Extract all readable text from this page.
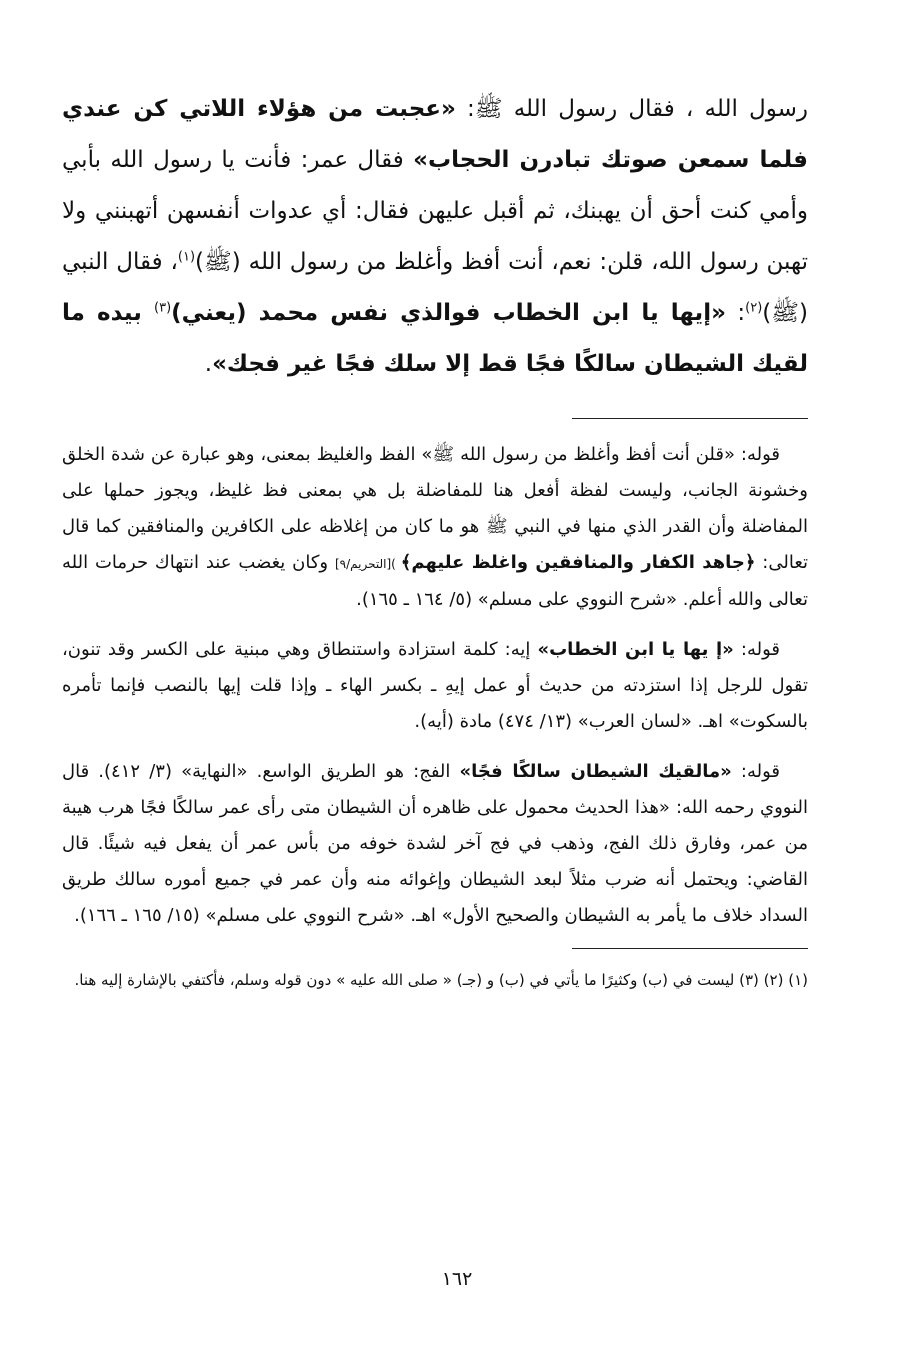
رسول الله ، فقال رسول الله ﷺ: «عجبت من هؤلاء اللاتي كن عندي فلما سمعن صوتك تبادرن الحجاب» فقال عمر: فأنت يا رسول الله بأبي وأمي كنت أحق أن يهبنك، ثم أقبل عليهن فقال: أي عدوات أنفسهن أتهبنني ولا تهبن رسول الله، قلن: نعم، أنت أفظ وأغلظ من رسول الله (ﷺ)$^{(١)}$، فقال النبي (ﷺ)$^{(٢)}$: «إيها يا ابن الخطاب فوالذي نفس محمد (يعني)$^{(٣)}$ بيده ما لقيك الشيطان سالكًا فجًا قط إلا سلك فجًا غير فجك».

قوله: «قلن أنت أفظ وأغلظ من رسول الله ﷺ» الفظ والغليظ بمعنى، وهو عبارة عن شدة الخلق وخشونة الجانب، وليست لفظة أفعل هنا للمفاضلة بل هي بمعنى فظ غليظ، ويجوز حملها على المفاضلة وأن القدر الذي منها في النبي ﷺ هو ما كان من إغلاظه على الكافرين والمنافقين كما قال تعالى: ﴿جاهد الكفار والمنافقين واغلظ عليهم﴾ )[التحريم/٩] وكان يغضب عند انتهاك حرمات الله تعالى والله أعلم. «شرح النووي على مسلم» (٥/ ١٦٤ ـ ١٦٥).

قوله: «إ يها يا ابن الخطاب» إيه: كلمة استزادة واستنطاق وهي مبنية على الكسر وقد تنون، تقول للرجل إذا استزدته من حديث أو عمل إيهِ ـ بكسر الهاء ـ وإذا قلت إيها بالنصب فإنما تأمره بالسكوت» اهـ. «لسان العرب» (١٣/ ٤٧٤) مادة (أيه).

قوله: «مالقيك الشيطان سالكًا فجًا» الفج: هو الطريق الواسع. «النهاية» (٣/ ٤١٢). قال النووي رحمه الله: «هذا الحديث محمول على ظاهره أن الشيطان متى رأى عمر سالكًا فجًا هرب هيبة من عمر، وفارق ذلك الفج، وذهب في فج آخر لشدة خوفه من بأس عمر أن يفعل فيه شيئًا. قال القاضي: ويحتمل أنه ضرب مثلاً لبعد الشيطان وإغوائه منه وأن عمر في جميع أموره سالك طريق السداد خلاف ما يأمر به الشيطان والصحيح الأول» اهـ. «شرح النووي على مسلم» (١٥/ ١٦٥ ـ ١٦٦).

(١) (٢) (٣) ليست في (ب) وكثيرًا ما يأتي في (ب) و (جـ) « صلى الله عليه » دون قوله وسلم، فأكتفي بالإشارة إليه هنا.

١٦٢
